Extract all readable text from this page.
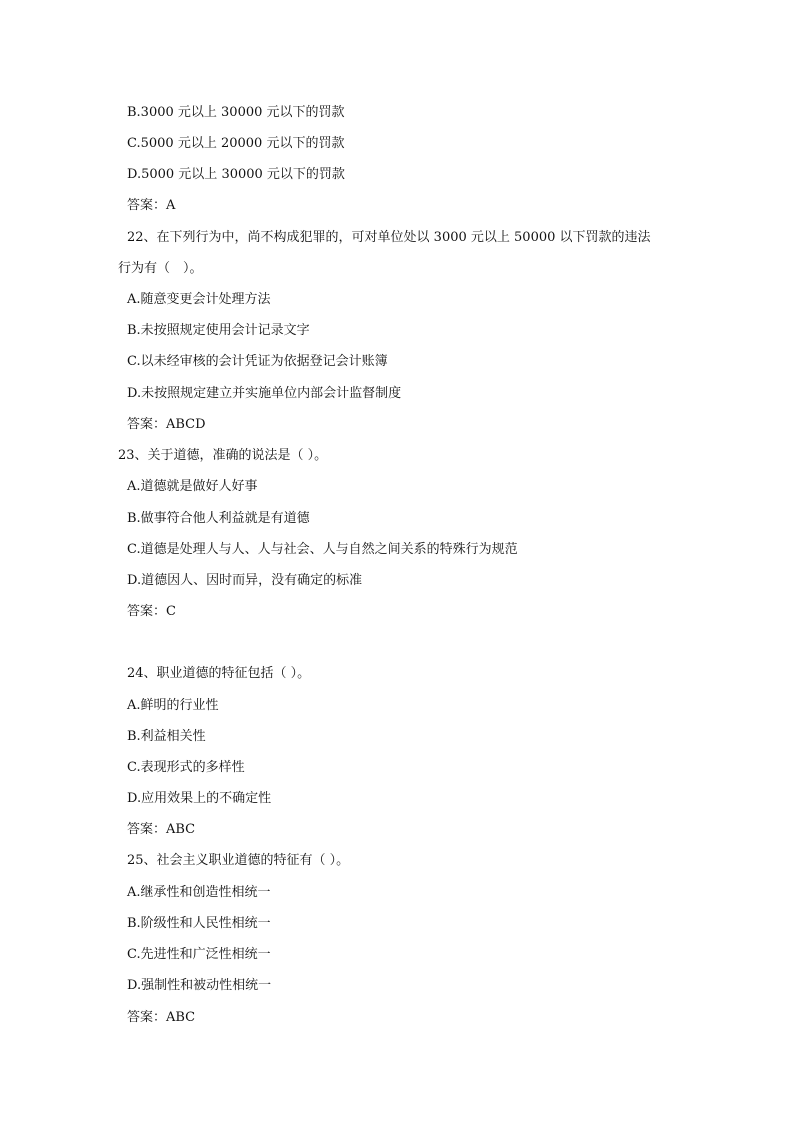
B.3000 元以上 30000 元以下的罚款
C.5000 元以上 20000 元以下的罚款
D.5000 元以上 30000 元以下的罚款
答案：A
22、在下列行为中，尚不构成犯罪的，可对单位处以 3000 元以上 50000 以下罚款的违法
行为有（　）。
A.随意变更会计处理方法
B.未按照规定使用会计记录文字
C.以未经审核的会计凭证为依据登记会计账簿
D.未按照规定建立并实施单位内部会计监督制度
答案：ABCD
23、关于道德，准确的说法是（ ）。
A.道德就是做好人好事
B.做事符合他人利益就是有道德
C.道德是处理人与人、人与社会、人与自然之间关系的特殊行为规范
D.道德因人、因时而异，没有确定的标准
答案：C
24、职业道德的特征包括（ ）。
A.鲜明的行业性
B.利益相关性
C.表现形式的多样性
D.应用效果上的不确定性
答案：ABC
25、社会主义职业道德的特征有（ ）。
A.继承性和创造性相统一
B.阶级性和人民性相统一
C.先进性和广泛性相统一
D.强制性和被动性相统一
答案：ABC
